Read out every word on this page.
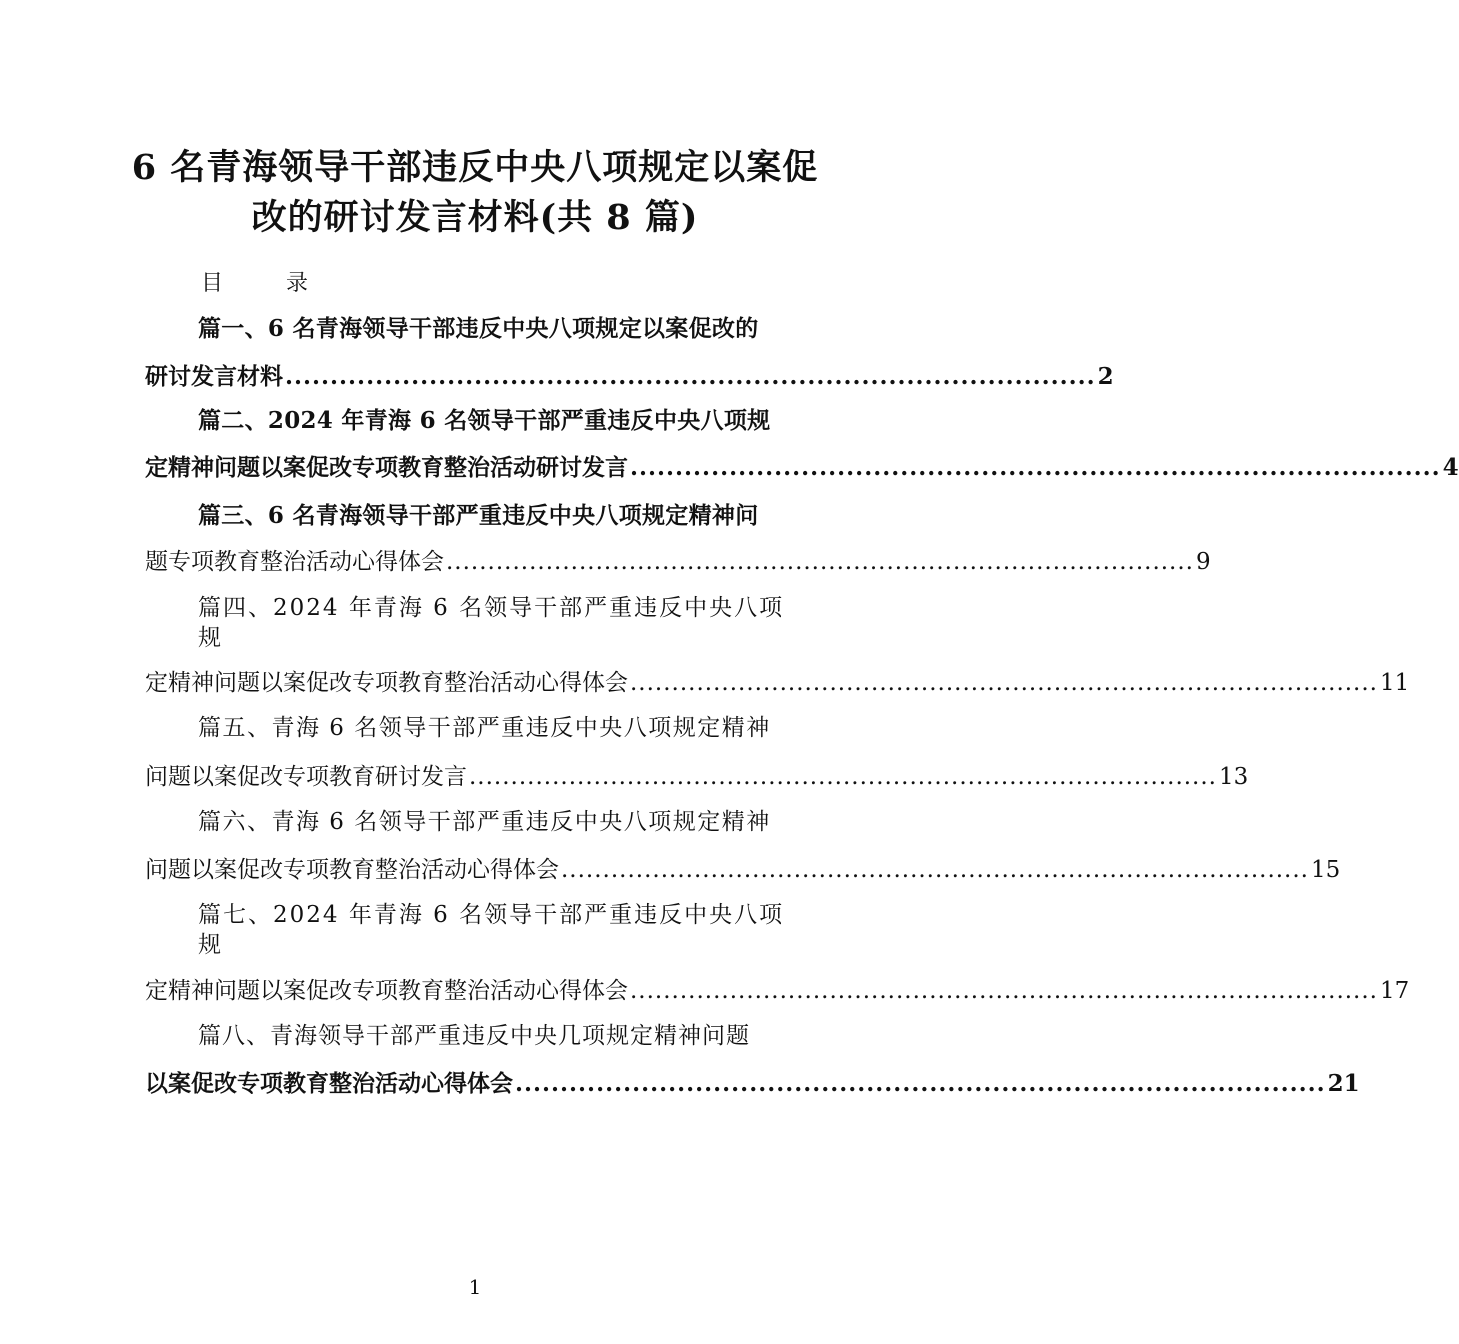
6 名青海领导干部违反中央八项规定以案促
改的研讨发言材料(共 8 篇)
目 录
篇一、6 名青海领导干部违反中央八项规定以案促改的
研讨发言材料 .......................................................................................... 2
篇二、2024 年青海 6 名领导干部严重违反中央八项规
定精神问题以案促改专项教育整治活动研讨发言 .......................................................................................... 4
篇三、6 名青海领导干部严重违反中央八项规定精神问
题专项教育整治活动心得体会 .......................................................................................... 9
篇四、2024 年青海 6 名领导干部严重违反中央八项规
定精神问题以案促改专项教育整治活动心得体会 .......................................................................................... 11
篇五、青海 6 名领导干部严重违反中央八项规定精神
问题以案促改专项教育研讨发言 .......................................................................................... 13
篇六、青海 6 名领导干部严重违反中央八项规定精神
问题以案促改专项教育整治活动心得体会 .......................................................................................... 15
篇七、2024 年青海 6 名领导干部严重违反中央八项规
定精神问题以案促改专项教育整治活动心得体会 .......................................................................................... 17
篇八、青海领导干部严重违反中央几项规定精神问题
以案促改专项教育整治活动心得体会 .......................................................................................... 21
1
